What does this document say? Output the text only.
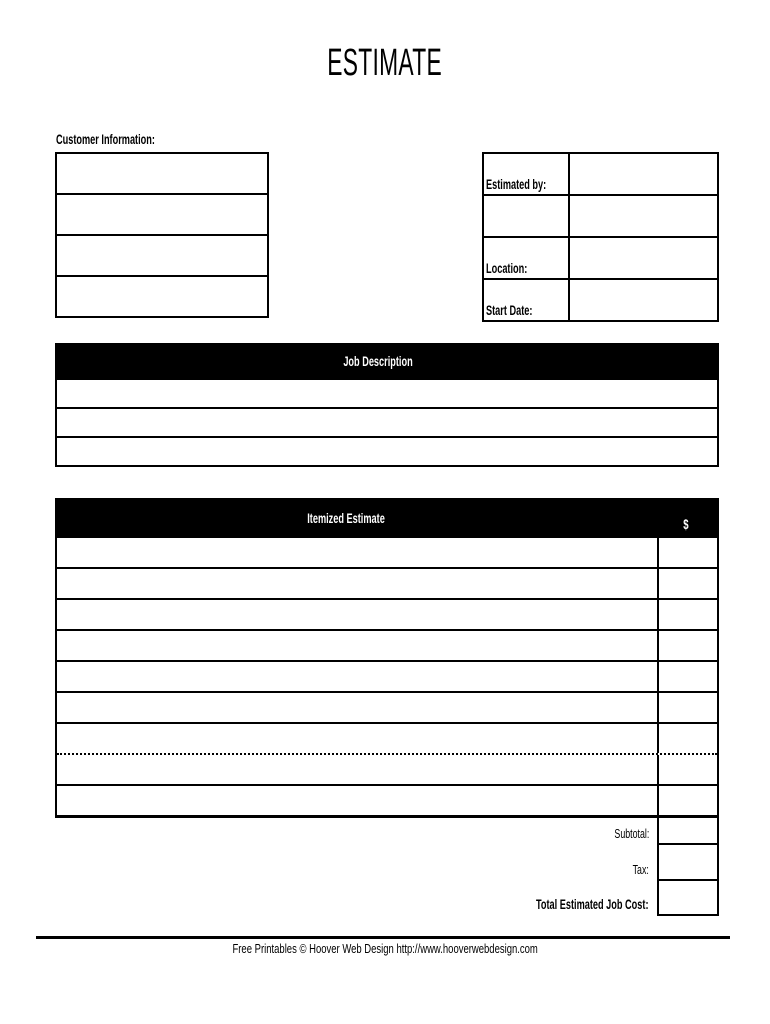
ESTIMATE
Customer Information:
Estimated by:
Location:
Start Date:
Job Description
Itemized Estimate	$
Subtotal:
Tax:
Total Estimated Job Cost:
Free Printables © Hoover Web Design http://www.hooverwebdesign.com
